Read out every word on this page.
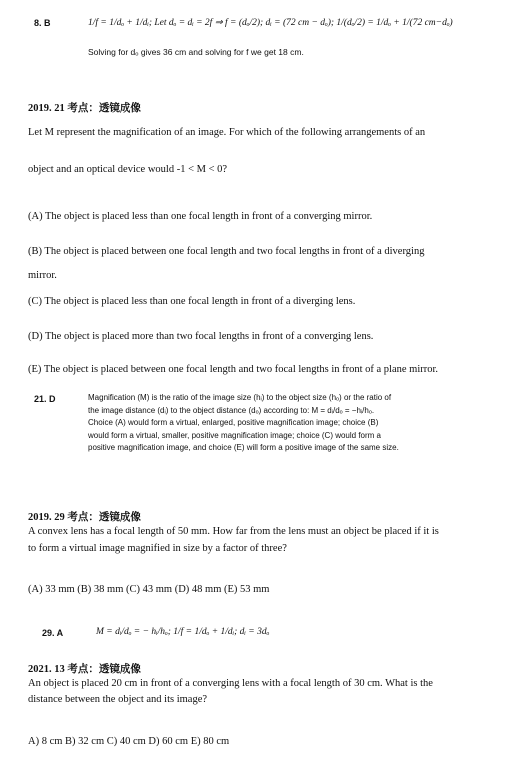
8. B	1/f = 1/dₒ + 1/dᵢ; Let dₒ = dᵢ = 2f ⇒ f = (dₒ/2); dᵢ = (72 cm − dₒ); 1/(dₒ/2) = 1/dₒ + 1/(72 cm−dₒ)
Solving for dₒ gives 36 cm and solving for f we get 18 cm.
2019. 21 考点：透镜成像
Let M represent the magnification of an image. For which of the following arrangements of an
object and an optical device would -1 < M < 0?
(A) The object is placed less than one focal length in front of a converging mirror.
(B) The object is placed between one focal length and two focal lengths in front of a diverging
mirror.
(C) The object is placed less than one focal length in front of a diverging lens.
(D) The object is placed more than two focal lengths in front of a converging lens.
(E) The object is placed between one focal length and two focal lengths in front of a plane mirror.
21. D	Magnification (M) is the ratio of the image size (hᵢ) to the object size (hₒ) or the ratio of
the image distance (dᵢ) to the object distance (dₒ) according to: M = dᵢ/dₒ = −hᵢ/hₒ.
Choice (A) would form a virtual, enlarged, positive magnification image; choice (B)
would form a virtual, smaller, positive magnification image; choice (C) would form a
positive magnification image, and choice (E) will form a positive image of the same size.
2019. 29 考点：透镜成像
A convex lens has a focal length of 50 mm. How far from the lens must an object be placed if it is
to form a virtual image magnified in size by a factor of three?
(A) 33 mm (B) 38 mm (C) 43 mm (D) 48 mm (E) 53 mm
29. A	M = dᵢ/dₒ = − hᵢ/hₒ; 1/f = 1/dₒ + 1/dᵢ; dᵢ = 3dₒ
2021. 13 考点：透镜成像
An object is placed 20 cm in front of a converging lens with a focal length of 30 cm. What is the
distance between the object and its image?
A) 8 cm B) 32 cm C) 40 cm D) 60 cm E) 80 cm
